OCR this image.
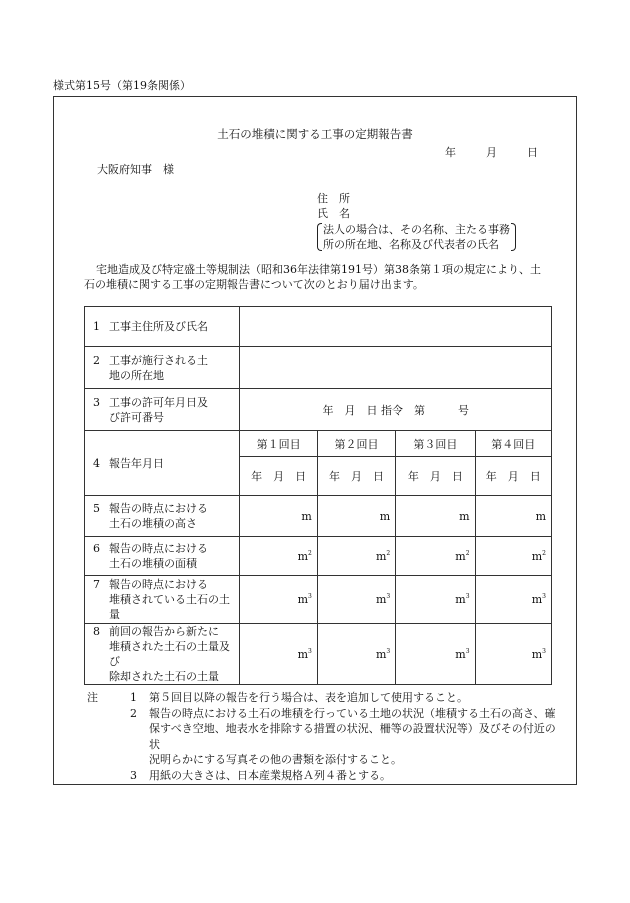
様式第15号（第19条関係）
土石の堆積に関する工事の定期報告書
年	月	日
大阪府知事　様
住　所
氏　名
法人の場合は、その名称、主たる事務
所の所在地、名称及び代表者の氏名
宅地造成及び特定盛土等規制法（昭和36年法律第191号）第38条第１項の規定により、土石の堆積に関する工事の定期報告書について次のとおり届け出ます。
1 工事主住所及び氏名				
2 工事が施行される土
地の所在地				

3 工事の許可年月日及
び許可番号	年　月　日 指令　第　　　号			
4 報告年月日	第１回目	第２回目	第３回目	第４回目
	年　月　日	年　月　日	年　月　日	年　月　日
5 報告の時点における
土石の堆積の高さ	m	m	m	m
6 報告の時点における
土石の堆積の面積	$m^2$	$m^2$	$m^2$	$m^2$
7 報告の時点における
堆積されている土石の土
量	$m^3$	$m^3$	$m^3$	$m^3$
8 前回の報告から新たに
堆積された土石の土量及び
除却された土石の土量	$m^3$	$m^3$	$m^3$	$m^3$
注	1	第５回目以降の報告を行う場合は、表を追加して使用すること。
2	報告の時点における土石の堆積を行っている土地の状況（堆積する土石の高さ、確
保すべき空地、地表水を排除する措置の状況、柵等の設置状況等）及びその付近の状
況明らかにする写真その他の書類を添付すること。
3	用紙の大きさは、日本産業規格Ａ列４番とする。
